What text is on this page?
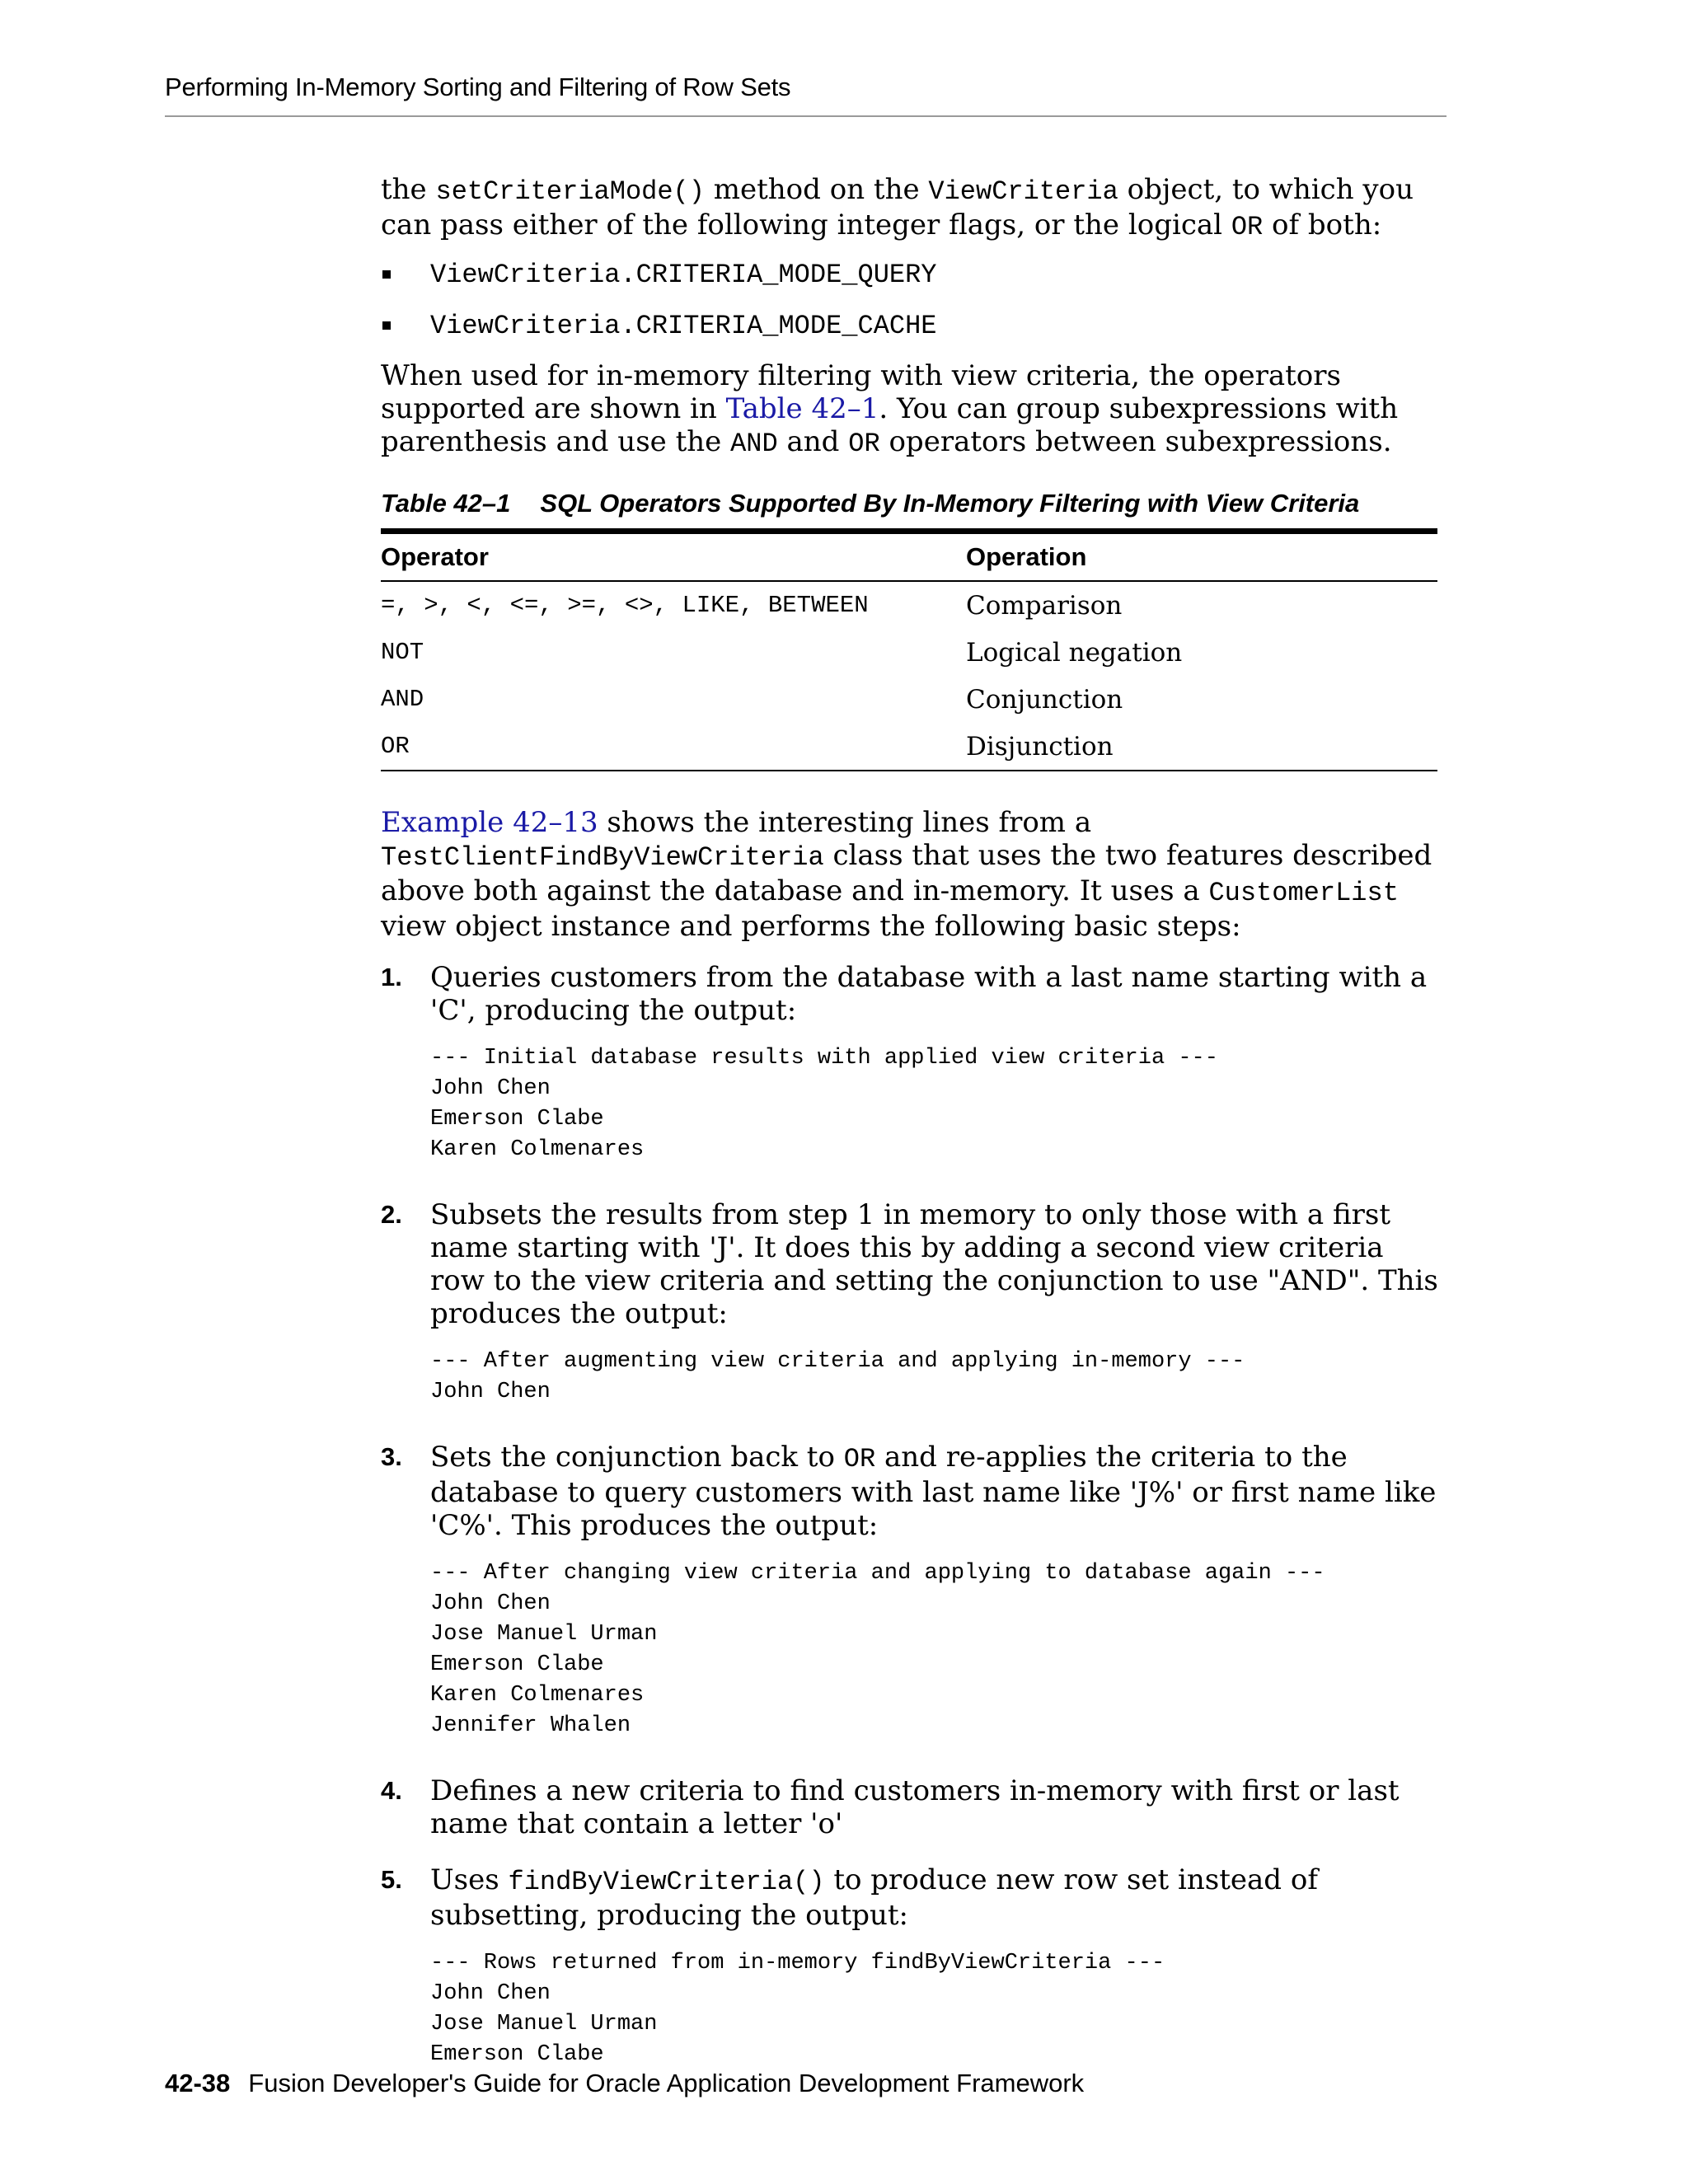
Performing In-Memory Sorting and Filtering of Row Sets

the setCriteriaMode() method on the ViewCriteria object, to which you can pass either of the following integer flags, or the logical OR of both:

ViewCriteria.CRITERIA_MODE_QUERY
ViewCriteria.CRITERIA_MODE_CACHE

When used for in-memory filtering with view criteria, the operators supported are shown in Table 42–1. You can group subexpressions with parenthesis and use the AND and OR operators between subexpressions.

Table 42–1 SQL Operators Supported By In-Memory Filtering with View Criteria
Operator	Operation
=, >, <, <=, >=, <>, LIKE, BETWEEN	Comparison
NOT	Logical negation
AND	Conjunction
OR	Disjunction

Example 42–13 shows the interesting lines from a TestClientFindByViewCriteria class that uses the two features described above both against the database and in-memory. It uses a CustomerList view object instance and performs the following basic steps:

1. Queries customers from the database with a last name starting with a 'C', producing the output:

--- Initial database results with applied view criteria ---
John Chen
Emerson Clabe
Karen Colmenares
2. Subsets the results from step 1 in memory to only those with a first name starting with 'J'. It does this by adding a second view criteria row to the view criteria and setting the conjunction to use "AND". This produces the output:

--- After augmenting view criteria and applying in-memory ---
John Chen
3. Sets the conjunction back to OR and re-applies the criteria to the database to query customers with last name like 'J%' or first name like 'C%'. This produces the output:

--- After changing view criteria and applying to database again ---
John Chen
Jose Manuel Urman
Emerson Clabe
Karen Colmenares
Jennifer Whalen
4. Defines a new criteria to find customers in-memory with first or last name that contain a letter 'o'

5. Uses findByViewCriteria() to produce new row set instead of subsetting, producing the output:

--- Rows returned from in-memory findByViewCriteria ---
John Chen
Jose Manuel Urman
Emerson Clabe
42-38 Fusion Developer's Guide for Oracle Application Development Framework
